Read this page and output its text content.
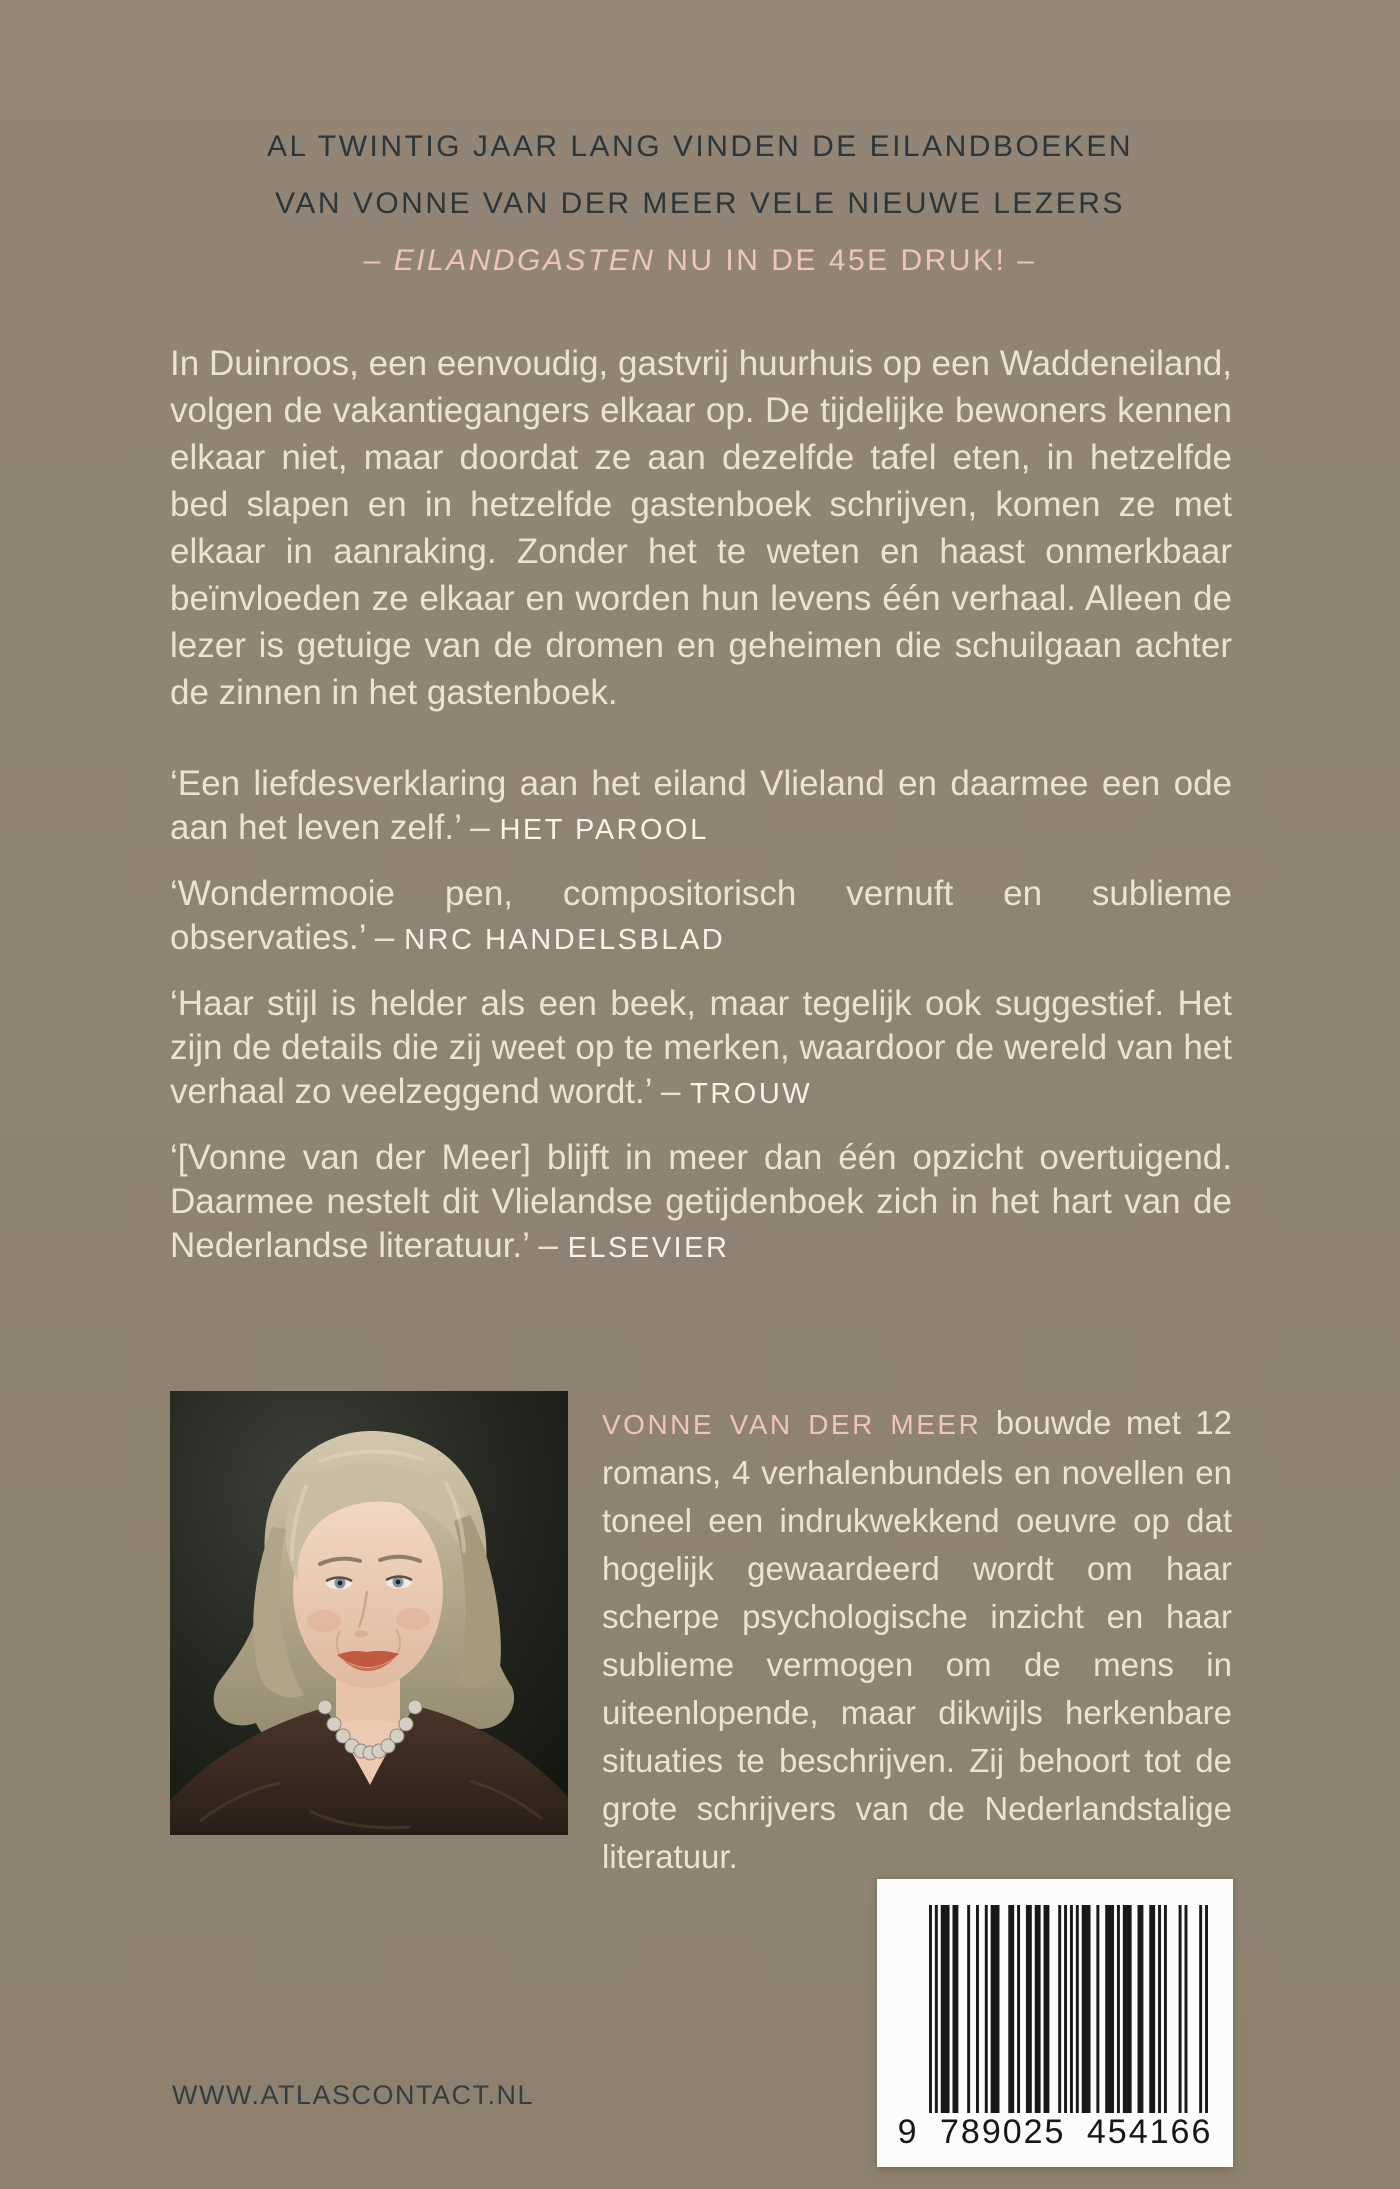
AL TWINTIG JAAR LANG VINDEN DE EILANDBOEKEN
VAN VONNE VAN DER MEER VELE NIEUWE LEZERS
– EILANDGASTEN NU IN DE 45E DRUK! –

In Duinroos, een eenvoudig, gastvrij huurhuis op een Waddeneiland, volgen de vakantiegangers elkaar op. De tijdelijke bewoners kennen elkaar niet, maar doordat ze aan dezelfde tafel eten, in hetzelfde bed slapen en in hetzelfde gastenboek schrijven, komen ze met elkaar in aanraking. Zonder het te weten en haast onmerkbaar beïnvloeden ze elkaar en worden hun levens één verhaal. Alleen de lezer is getuige van de dromen en geheimen die schuilgaan achter de zinnen in het gastenboek.

‘Een liefdesverklaring aan het eiland Vlieland en daarmee een ode aan het leven zelf.’ – HET PAROOL

‘Wondermooie pen, compositorisch vernuft en sublieme observaties.’ – NRC HANDELSBLAD

‘Haar stijl is helder als een beek, maar tegelijk ook suggestief. Het zijn de details die zij weet op te merken, waardoor de wereld van het verhaal zo veelzeggend wordt.’ – TROUW

‘[Vonne van der Meer] blijft in meer dan één opzicht overtuigend. Daarmee nestelt dit Vlielandse getijdenboek zich in het hart van de Nederlandse literatuur.’ – ELSEVIER

VONNE VAN DER MEER bouwde met 12 romans, 4 verhalenbundels en novellen en toneel een indrukwekkend oeuvre op dat hogelijk gewaardeerd wordt om haar scherpe psychologische inzicht en haar sublieme vermogen om de mens in uiteenlopende, maar dikwijls herkenbare situaties te beschrijven. Zij behoort tot de grote schrijvers van de Nederlandstalige literatuur.

WWW.ATLASCONTACT.NL
9 789025 454166
